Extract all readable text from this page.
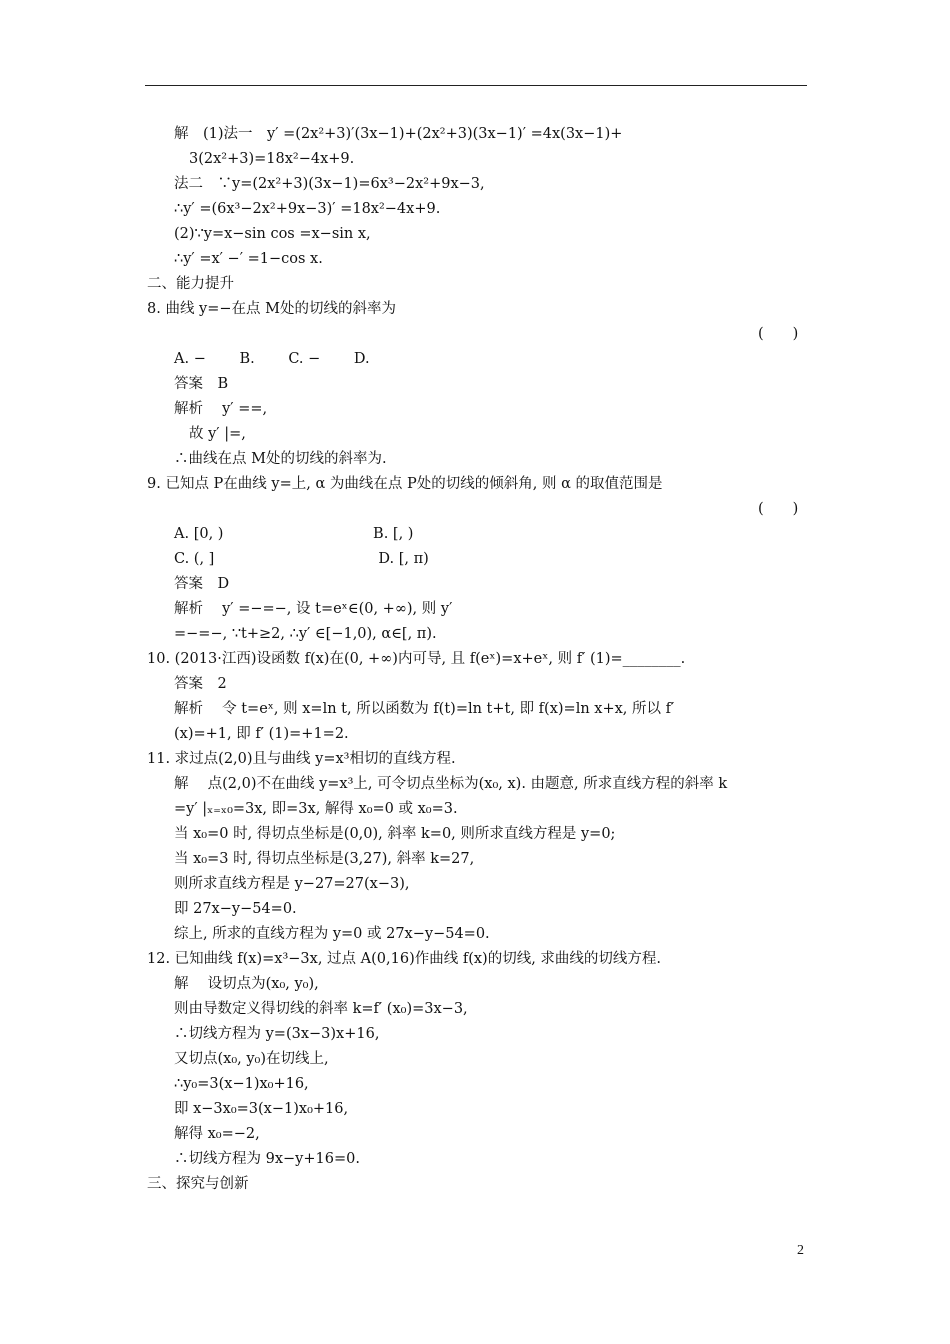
解 (1)法一 y′ =(2x²+3)′(3x−1)+(2x²+3)(3x−1)′ =4x(3x−1)+
3(2x²+3)=18x²−4x+9.
法二 ∵y=(2x²+3)(3x−1)=6x³−2x²+9x−3,
∴y′ =(6x³−2x²+9x−3)′ =18x²−4x+9.
(2)∵y=x−sin cos =x−sin x,
∴y′ =x′ −′ =1−cos x.
二、能力提升
8. 曲线 y=−在点 M处的切线的斜率为
A. −   B.   C. −   D.
答案 B
解析  y′ ==,
故 y′ |=,
∴曲线在点 M处的切线的斜率为.
9. 已知点 P在曲线 y=上, α 为曲线在点 P处的切线的倾斜角, 则 α 的取值范围是
A. [0, )           B. [, )
C. (, ]            D. [, π)
答案 D
解析  y′ =−=−, 设 t=eˣ∈(0, +∞), 则 y′
=−=−, ∵t+≥2, ∴y′ ∈[−1,0), α∈[, π).
10. (2013·江西)设函数 f(x)在(0, +∞)内可导, 且 f(eˣ)=x+eˣ, 则 f′ (1)=________.
答案 2
解析  令 t=eˣ, 则 x=ln t, 所以函数为 f(t)=ln t+t, 即 f(x)=ln x+x, 所以 f′
(x)=+1, 即 f′ (1)=+1=2.
11. 求过点(2,0)且与曲线 y=x³相切的直线方程.
解  点(2,0)不在曲线 y=x³上, 可令切点坐标为(x₀, x). 由题意, 所求直线方程的斜率 k
=y′ |ₓ₌ₓ₀=3x, 即=3x, 解得 x₀=0 或 x₀=3.
当 x₀=0 时, 得切点坐标是(0,0), 斜率 k=0, 则所求直线方程是 y=0;
当 x₀=3 时, 得切点坐标是(3,27), 斜率 k=27,
则所求直线方程是 y−27=27(x−3),
即 27x−y−54=0.
综上, 所求的直线方程为 y=0 或 27x−y−54=0.
12. 已知曲线 f(x)=x³−3x, 过点 A(0,16)作曲线 f(x)的切线, 求曲线的切线方程.
解  设切点为(x₀, y₀),
则由导数定义得切线的斜率 k=f′ (x₀)=3x−3,
∴切线方程为 y=(3x−3)x+16,
又切点(x₀, y₀)在切线上,
∴y₀=3(x−1)x₀+16,
即 x−3x₀=3(x−1)x₀+16,
解得 x₀=−2,
∴切线方程为 9x−y+16=0.
三、探究与创新
(  )
(  )
2
